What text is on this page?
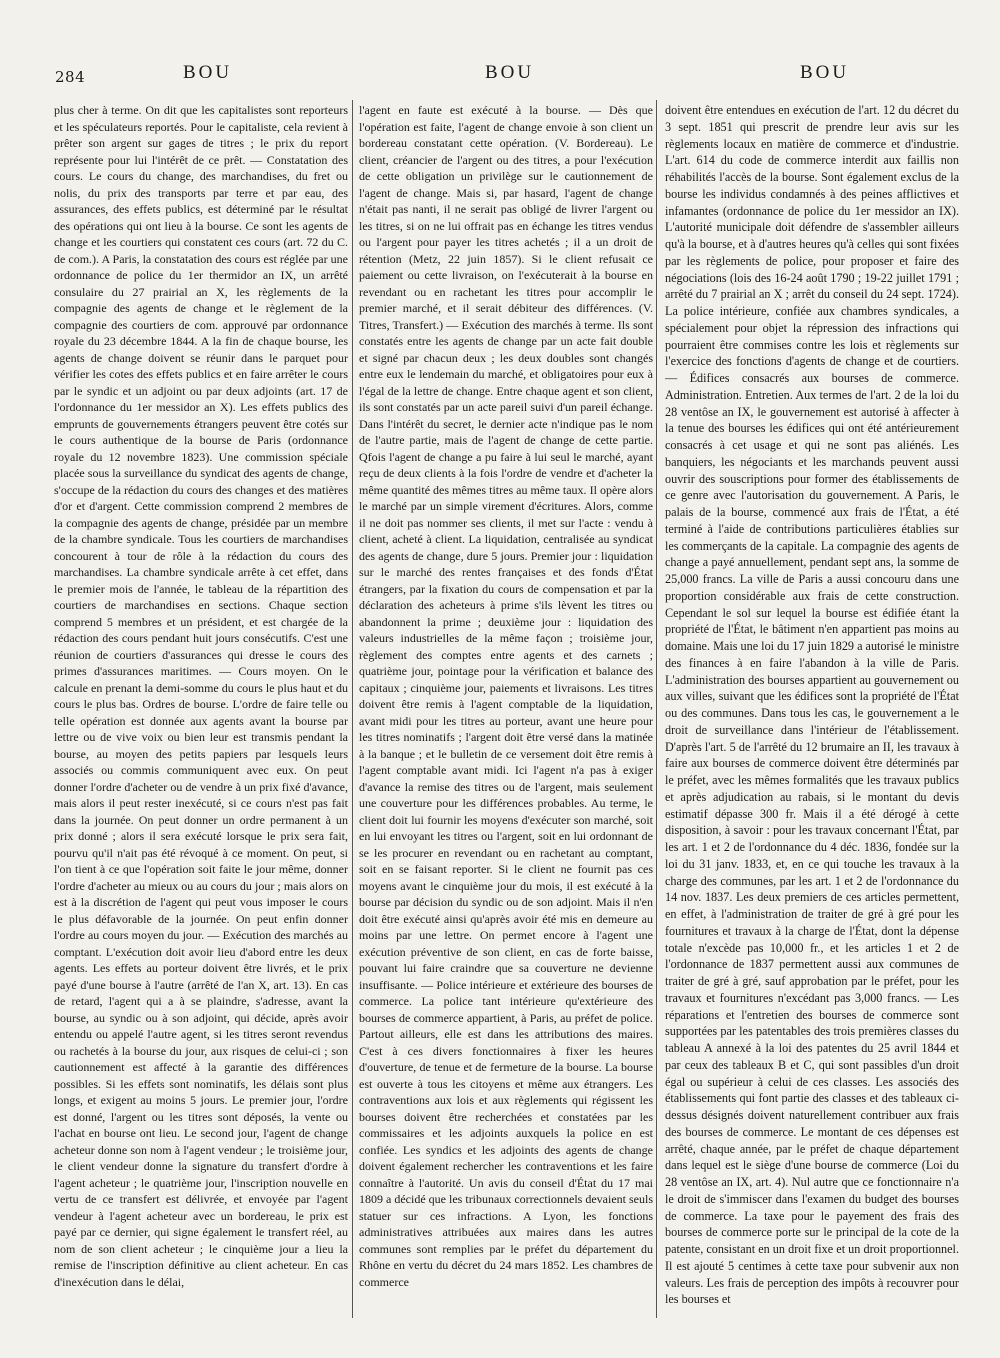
284	BOU	BOU	BOU

plus cher à terme. On dit que les capitalistes sont reporteurs et les spéculateurs reportés. Pour le capitaliste, cela revient à prêter son argent sur gages de titres ; le prix du report représente pour lui l'intérêt de ce prêt. — Constatation des cours. Le cours du change, des marchandises, du fret ou nolis, du prix des transports par terre et par eau, des assurances, des effets publics, est déterminé par le résultat des opérations qui ont lieu à la bourse. Ce sont les agents de change et les courtiers qui constatent ces cours (art. 72 du C. de com.). A Paris, la constatation des cours est réglée par une ordonnance de police du 1er thermidor an IX, un arrêté consulaire du 27 prairial an X, les règlements de la compagnie des agents de change et le règlement de la compagnie des courtiers de com. approuvé par ordonnance royale du 23 décembre 1844. A la fin de chaque bourse, les agents de change doivent se réunir dans le parquet pour vérifier les cotes des effets publics et en faire arrêter le cours par le syndic et un adjoint ou par deux adjoints (art. 17 de l'ordonnance du 1er messidor an X). Les effets publics des emprunts de gouvernements étrangers peuvent être cotés sur le cours authentique de la bourse de Paris (ordonnance royale du 12 novembre 1823). Une commission spéciale placée sous la surveillance du syndicat des agents de change, s'occupe de la rédaction du cours des changes et des matières d'or et d'argent. Cette commission comprend 2 membres de la compagnie des agents de change, présidée par un membre de la chambre syndicale. Tous les courtiers de marchandises concourent à tour de rôle à la rédaction du cours des marchandises. La chambre syndicale arrête à cet effet, dans le premier mois de l'année, le tableau de la répartition des courtiers de marchandises en sections. Chaque section comprend 5 membres et un président, et est chargée de la rédaction des cours pendant huit jours consécutifs. C'est une réunion de courtiers d'assurances qui dresse le cours des primes d'assurances maritimes. — Cours moyen. On le calcule en prenant la demi-somme du cours le plus haut et du cours le plus bas. Ordres de bourse. L'ordre de faire telle ou telle opération est donnée aux agents avant la bourse par lettre ou de vive voix ou bien leur est transmis pendant la bourse, au moyen des petits papiers par lesquels leurs associés ou commis communiquent avec eux. On peut donner l'ordre d'acheter ou de vendre à un prix fixé d'avance, mais alors il peut rester inexécuté, si ce cours n'est pas fait dans la journée. On peut donner un ordre permanent à un prix donné ; alors il sera exécuté lorsque le prix sera fait, pourvu qu'il n'ait pas été révoqué à ce moment. On peut, si l'on tient à ce que l'opération soit faite le jour même, donner l'ordre d'acheter au mieux ou au cours du jour ; mais alors on est à la discrétion de l'agent qui peut vous imposer le cours le plus défavorable de la journée. On peut enfin donner l'ordre au cours moyen du jour. — Exécution des marchés au comptant. L'exécution doit avoir lieu d'abord entre les deux agents. Les effets au porteur doivent être livrés, et le prix payé d'une bourse à l'autre (arrêté de l'an X, art. 13). En cas de retard, l'agent qui a à se plaindre, s'adresse, avant la bourse, au syndic ou à son adjoint, qui décide, après avoir entendu ou appelé l'autre agent, si les titres seront revendus ou rachetés à la bourse du jour, aux risques de celui-ci ; son cautionnement est affecté à la garantie des différences possibles. Si les effets sont nominatifs, les délais sont plus longs, et exigent au moins 5 jours. Le premier jour, l'ordre est donné, l'argent ou les titres sont déposés, la vente ou l'achat en bourse ont lieu. Le second jour, l'agent de change acheteur donne son nom à l'agent vendeur ; le troisième jour, le client vendeur donne la signature du transfert d'ordre à l'agent acheteur ; le quatrième jour, l'inscription nouvelle en vertu de ce transfert est délivrée, et envoyée par l'agent vendeur à l'agent acheteur avec un bordereau, le prix est payé par ce dernier, qui signe également le transfert réel, au nom de son client acheteur ; le cinquième jour a lieu la remise de l'inscription définitive au client acheteur. En cas d'inexécution dans le délai,

l'agent en faute est exécuté à la bourse. — Dès que l'opération est faite, l'agent de change envoie à son client un bordereau constatant cette opération. (V. Bordereau). Le client, créancier de l'argent ou des titres, a pour l'exécution de cette obligation un privilège sur le cautionnement de l'agent de change. Mais si, par hasard, l'agent de change n'était pas nanti, il ne serait pas obligé de livrer l'argent ou les titres, si on ne lui offrait pas en échange les titres vendus ou l'argent pour payer les titres achetés ; il a un droit de rétention (Metz, 22 juin 1857). Si le client refusait ce paiement ou cette livraison, on l'exécuterait à la bourse en revendant ou en rachetant les titres pour accomplir le premier marché, et il serait débiteur des différences. (V. Titres, Transfert.) — Exécution des marchés à terme. Ils sont constatés entre les agents de change par un acte fait double et signé par chacun deux ; les deux doubles sont changés entre eux le lendemain du marché, et obligatoires pour eux à l'égal de la lettre de change. Entre chaque agent et son client, ils sont constatés par un acte pareil suivi d'un pareil échange. Dans l'intérêt du secret, le dernier acte n'indique pas le nom de l'autre partie, mais de l'agent de change de cette partie. Qfois l'agent de change a pu faire à lui seul le marché, ayant reçu de deux clients à la fois l'ordre de vendre et d'acheter la même quantité des mêmes titres au même taux. Il opère alors le marché par un simple virement d'écritures. Alors, comme il ne doit pas nommer ses clients, il met sur l'acte : vendu à client, acheté à client. La liquidation, centralisée au syndicat des agents de change, dure 5 jours. Premier jour : liquidation sur le marché des rentes françaises et des fonds d'État étrangers, par la fixation du cours de compensation et par la déclaration des acheteurs à prime s'ils lèvent les titres ou abandonnent la prime ; deuxième jour : liquidation des valeurs industrielles de la même façon ; troisième jour, règlement des comptes entre agents et des carnets ; quatrième jour, pointage pour la vérification et balance des capitaux ; cinquième jour, paiements et livraisons. Les titres doivent être remis à l'agent comptable de la liquidation, avant midi pour les titres au porteur, avant une heure pour les titres nominatifs ; l'argent doit être versé dans la matinée à la banque ; et le bulletin de ce versement doit être remis à l'agent comptable avant midi. Ici l'agent n'a pas à exiger d'avance la remise des titres ou de l'argent, mais seulement une couverture pour les différences probables. Au terme, le client doit lui fournir les moyens d'exécuter son marché, soit en lui envoyant les titres ou l'argent, soit en lui ordonnant de se les procurer en revendant ou en rachetant au comptant, soit en se faisant reporter. Si le client ne fournit pas ces moyens avant le cinquième jour du mois, il est exécuté à la bourse par décision du syndic ou de son adjoint. Mais il n'en doit être exécuté ainsi qu'après avoir été mis en demeure au moins par une lettre. On permet encore à l'agent une exécution préventive de son client, en cas de forte baisse, pouvant lui faire craindre que sa couverture ne devienne insuffisante. — Police intérieure et extérieure des bourses de commerce. La police tant intérieure qu'extérieure des bourses de commerce appartient, à Paris, au préfet de police. Partout ailleurs, elle est dans les attributions des maires. C'est à ces divers fonctionnaires à fixer les heures d'ouverture, de tenue et de fermeture de la bourse. La bourse est ouverte à tous les citoyens et même aux étrangers. Les contraventions aux lois et aux règlements qui régissent les bourses doivent être recherchées et constatées par les commissaires et les adjoints auxquels la police en est confiée. Les syndics et les adjoints des agents de change doivent également rechercher les contraventions et les faire connaître à l'autorité. Un avis du conseil d'État du 17 mai 1809 a décidé que les tribunaux correctionnels devaient seuls statuer sur ces infractions. A Lyon, les fonctions administratives attribuées aux maires dans les autres communes sont remplies par le préfet du département du Rhône en vertu du décret du 24 mars 1852. Les chambres de commerce

doivent être entendues en exécution de l'art. 12 du décret du 3 sept. 1851 qui prescrit de prendre leur avis sur les règlements locaux en matière de commerce et d'industrie. L'art. 614 du code de commerce interdit aux faillis non réhabilités l'accès de la bourse. Sont également exclus de la bourse les individus condamnés à des peines afflictives et infamantes (ordonnance de police du 1er messidor an IX). L'autorité municipale doit défendre de s'assembler ailleurs qu'à la bourse, et à d'autres heures qu'à celles qui sont fixées par les règlements de police, pour proposer et faire des négociations (lois des 16-24 août 1790 ; 19-22 juillet 1791 ; arrêté du 7 prairial an X ; arrêt du conseil du 24 sept. 1724). La police intérieure, confiée aux chambres syndicales, a spécialement pour objet la répression des infractions qui pourraient être commises contre les lois et règlements sur l'exercice des fonctions d'agents de change et de courtiers. — Édifices consacrés aux bourses de commerce. Administration. Entretien. Aux termes de l'art. 2 de la loi du 28 ventôse an IX, le gouvernement est autorisé à affecter à la tenue des bourses les édifices qui ont été antérieurement consacrés à cet usage et qui ne sont pas aliénés. Les banquiers, les négociants et les marchands peuvent aussi ouvrir des souscriptions pour former des établissements de ce genre avec l'autorisation du gouvernement. A Paris, le palais de la bourse, commencé aux frais de l'État, a été terminé à l'aide de contributions particulières établies sur les commerçants de la capitale. La compagnie des agents de change a payé annuellement, pendant sept ans, la somme de 25,000 francs. La ville de Paris a aussi concouru dans une proportion considérable aux frais de cette construction. Cependant le sol sur lequel la bourse est édifiée étant la propriété de l'État, le bâtiment n'en appartient pas moins au domaine. Mais une loi du 17 juin 1829 a autorisé le ministre des finances à en faire l'abandon à la ville de Paris. L'administration des bourses appartient au gouvernement ou aux villes, suivant que les édifices sont la propriété de l'État ou des communes. Dans tous les cas, le gouvernement a le droit de surveillance dans l'intérieur de l'établissement. D'après l'art. 5 de l'arrêté du 12 brumaire an II, les travaux à faire aux bourses de commerce doivent être déterminés par le préfet, avec les mêmes formalités que les travaux publics et après adjudication au rabais, si le montant du devis estimatif dépasse 300 fr. Mais il a été dérogé à cette disposition, à savoir : pour les travaux concernant l'État, par les art. 1 et 2 de l'ordonnance du 4 déc. 1836, fondée sur la loi du 31 janv. 1833, et, en ce qui touche les travaux à la charge des communes, par les art. 1 et 2 de l'ordonnance du 14 nov. 1837. Les deux premiers de ces articles permettent, en effet, à l'administration de traiter de gré à gré pour les fournitures et travaux à la charge de l'État, dont la dépense totale n'excède pas 10,000 fr., et les articles 1 et 2 de l'ordonnance de 1837 permettent aussi aux communes de traiter de gré à gré, sauf approbation par le préfet, pour les travaux et fournitures n'excédant pas 3,000 francs. — Les réparations et l'entretien des bourses de commerce sont supportées par les patentables des trois premières classes du tableau A annexé à la loi des patentes du 25 avril 1844 et par ceux des tableaux B et C, qui sont passibles d'un droit égal ou supérieur à celui de ces classes. Les associés des établissements qui font partie des classes et des tableaux ci-dessus désignés doivent naturellement contribuer aux frais des bourses de commerce. Le montant de ces dépenses est arrêté, chaque année, par le préfet de chaque département dans lequel est le siège d'une bourse de commerce (Loi du 28 ventôse an IX, art. 4). Nul autre que ce fonctionnaire n'a le droit de s'immiscer dans l'examen du budget des bourses de commerce. La taxe pour le payement des frais des bourses de commerce porte sur le principal de la cote de la patente, consistant en un droit fixe et un droit proportionnel. Il est ajouté 5 centimes à cette taxe pour subvenir aux non valeurs. Les frais de perception des impôts à recouvrer pour les bourses et
